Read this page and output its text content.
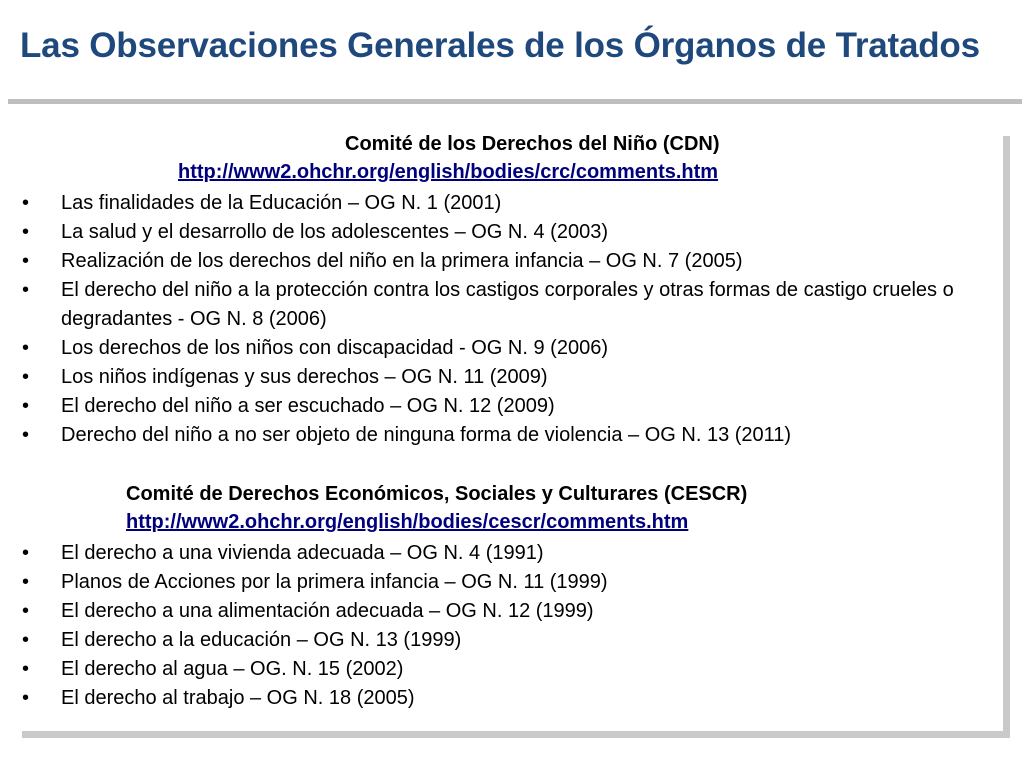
Las Observaciones Generales de los Órganos de Tratados
Comité de los Derechos del Niño (CDN)
http://www2.ohchr.org/english/bodies/crc/comments.htm
• Las finalidades de la Educación – OG N. 1 (2001)
• La salud y el desarrollo de los adolescentes – OG N. 4 (2003)
• Realización de los derechos del niño en la primera infancia – OG N. 7 (2005)
• El derecho del niño a la protección contra los castigos corporales y otras formas de castigo crueles o degradantes - OG N. 8 (2006)
• Los derechos de los niños con discapacidad - OG N. 9 (2006)
• Los niños indígenas y sus derechos – OG N. 11 (2009)
• El derecho del niño a ser escuchado – OG N. 12 (2009)
• Derecho del niño a no ser objeto de ninguna forma de violencia – OG N. 13 (2011)
Comité de Derechos Económicos, Sociales y Culturares (CESCR)
http://www2.ohchr.org/english/bodies/cescr/comments.htm
• El derecho a una vivienda adecuada – OG N. 4 (1991)
• Planos de Acciones por la primera infancia – OG N. 11 (1999)
• El derecho a una alimentación adecuada – OG N. 12 (1999)
• El derecho a la educación – OG N. 13 (1999)
• El derecho al agua – OG. N. 15 (2002)
• El derecho al trabajo – OG N. 18 (2005)
